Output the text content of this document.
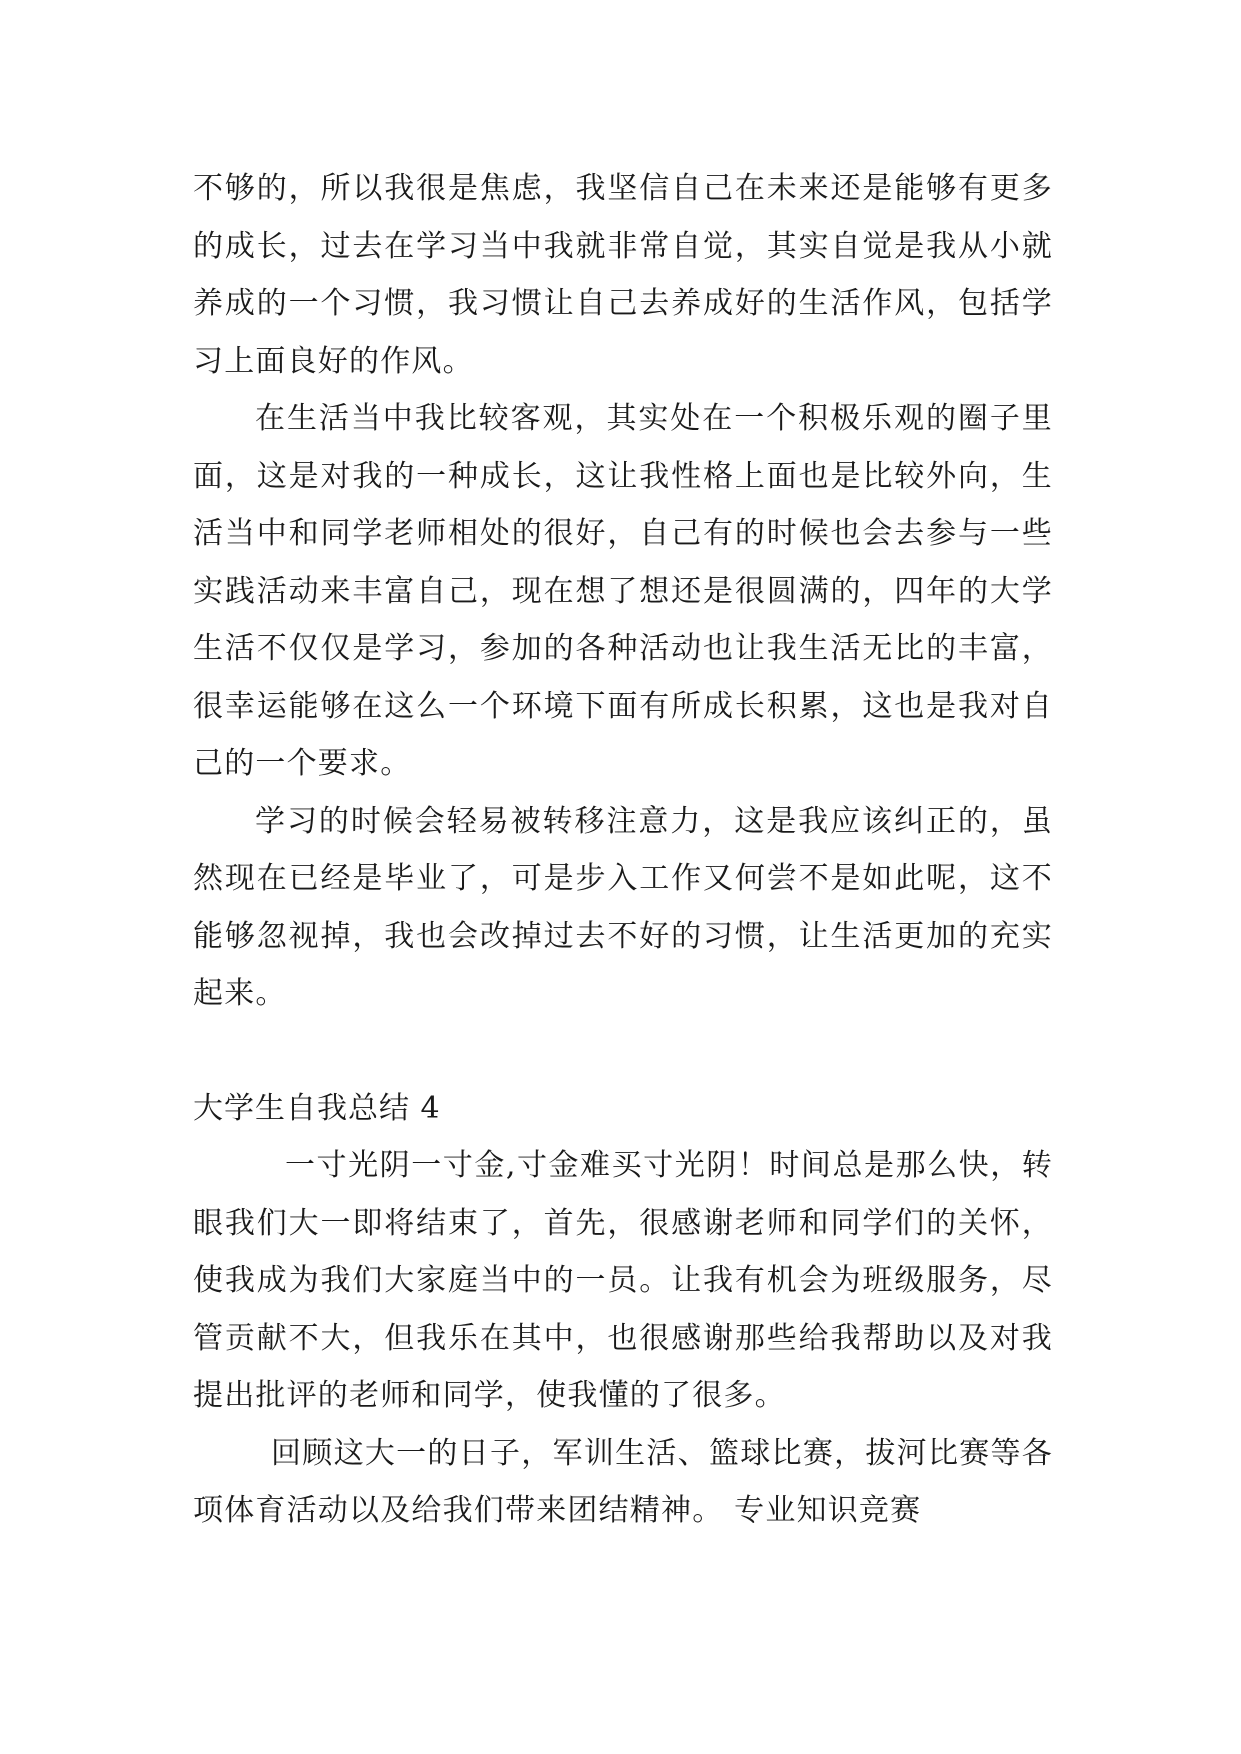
不够的，所以我很是焦虑，我坚信自己在未来还是能够有更多的成长，过去在学习当中我就非常自觉，其实自觉是我从小就养成的一个习惯，我习惯让自己去养成好的生活作风，包括学习上面良好的作风。

在生活当中我比较客观，其实处在一个积极乐观的圈子里面，这是对我的一种成长，这让我性格上面也是比较外向，生活当中和同学老师相处的很好，自己有的时候也会去参与一些实践活动来丰富自己，现在想了想还是很圆满的，四年的大学生活不仅仅是学习，参加的各种活动也让我生活无比的丰富，很幸运能够在这么一个环境下面有所成长积累，这也是我对自己的一个要求。

学习的时候会轻易被转移注意力，这是我应该纠正的，虽然现在已经是毕业了，可是步入工作又何尝不是如此呢，这不能够忽视掉，我也会改掉过去不好的习惯，让生活更加的充实起来。

大学生自我总结 4

一寸光阴一寸金,寸金难买寸光阴！时间总是那么快，转眼我们大一即将结束了，首先，很感谢老师和同学们的关怀，使我成为我们大家庭当中的一员。让我有机会为班级服务，尽管贡献不大，但我乐在其中，也很感谢那些给我帮助以及对我提出批评的老师和同学，使我懂的了很多。

回顾这大一的日子，军训生活、篮球比赛，拔河比赛等各项体育活动以及给我们带来团结精神。 专业知识竞赛
